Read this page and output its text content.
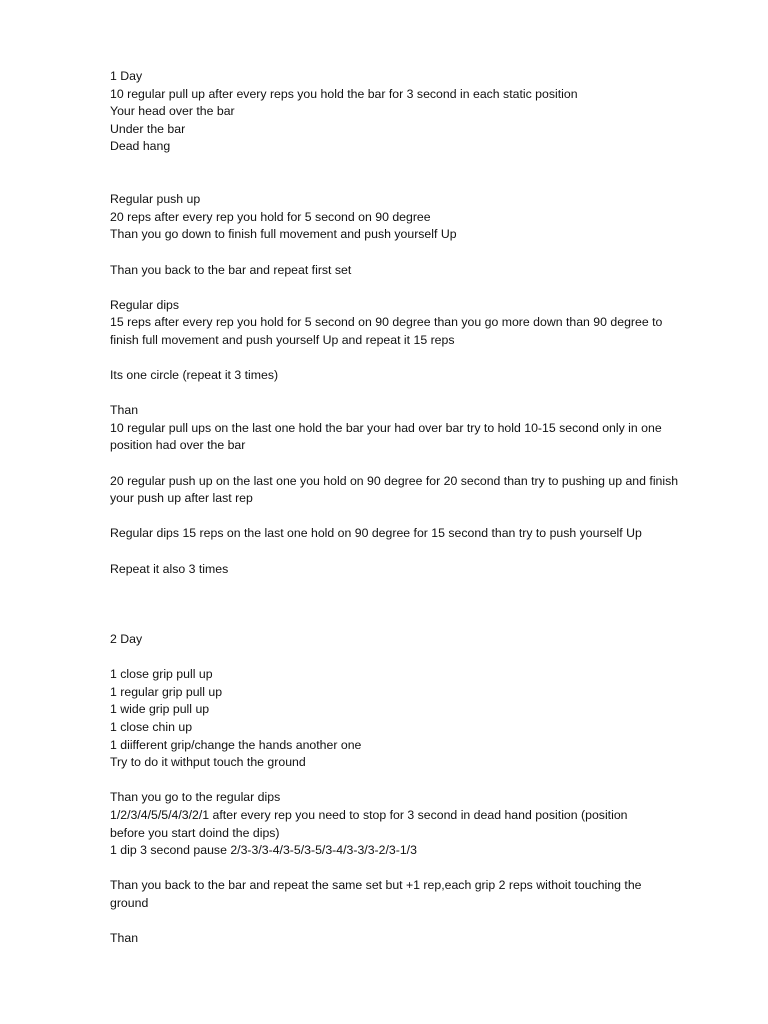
1 Day
10 regular pull up after every reps you hold the bar for 3 second in each static position
Your head over the bar
Under the bar
Dead hang
Regular push up
20 reps after every rep you hold for 5 second on 90 degree
Than you go down to finish full movement and push yourself Up
Than you back to the bar and repeat first set
Regular dips
15 reps after every rep you hold for 5 second on 90 degree than you go more down than 90 degree to
finish full movement and push yourself Up and repeat it 15 reps
Its one circle (repeat it 3 times)
Than
10 regular pull ups on the last one hold the bar your had over bar try to hold 10-15 second only in one
position had over the bar
20 regular push up on the last one you hold on 90 degree for 20 second than try to pushing up and finish
your push up after last rep
Regular dips 15 reps on the last one hold on 90 degree for 15 second than try to push yourself Up
Repeat it also 3 times
2 Day
1 close grip pull up
1 regular grip pull up
1 wide grip pull up
1 close chin up
1 diifferent grip/change the hands another one
Try to do it withput touch the ground
Than you go to the regular dips
1/2/3/4/5/5/4/3/2/1 after every rep you need to stop for 3 second in dead hand position (position
before you start doind the dips)
1 dip 3 second pause 2/3-3/3-4/3-5/3-5/3-4/3-3/3-2/3-1/3
Than you back to the bar and repeat the same set but +1 rep,each grip 2 reps withoit touching the
ground
Than
